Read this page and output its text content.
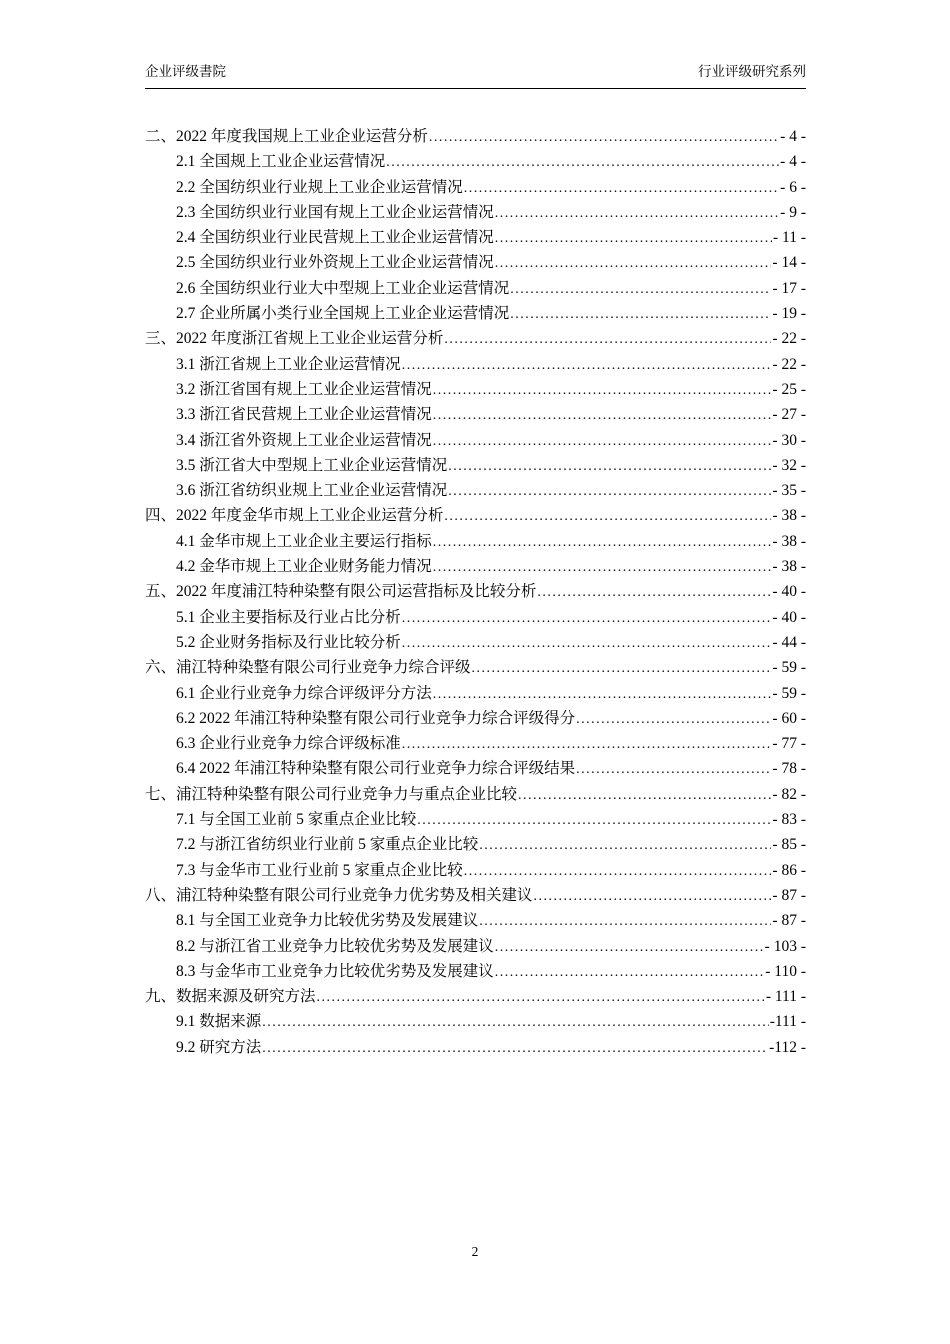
企业评级書院	行业评级研究系列
二、2022 年度我国规上工业企业运营分析 .....	- 4 -
2.1 全国规上工业企业运营情况 .....	- 4 -
2.2 全国纺织业行业规上工业企业运营情况 .....	- 6 -
2.3 全国纺织业行业国有规上工业企业运营情况 .....	- 9 -
2.4 全国纺织业行业民营规上工业企业运营情况 .....	- 11 -
2.5 全国纺织业行业外资规上工业企业运营情况 .....	- 14 -
2.6 全国纺织业行业大中型规上工业企业运营情况 .....	- 17 -
2.7 企业所属小类行业全国规上工业企业运营情况 .....	- 19 -
三、2022 年度浙江省规上工业企业运营分析 .....	- 22 -
3.1 浙江省规上工业企业运营情况 .....	- 22 -
3.2 浙江省国有规上工业企业运营情况 .....	- 25 -
3.3 浙江省民营规上工业企业运营情况 .....	- 27 -
3.4 浙江省外资规上工业企业运营情况 .....	- 30 -
3.5 浙江省大中型规上工业企业运营情况 .....	- 32 -
3.6 浙江省纺织业规上工业企业运营情况 .....	- 35 -
四、2022 年度金华市规上工业企业运营分析 .....	- 38 -
4.1 金华市规上工业企业主要运行指标 .....	- 38 -
4.2 金华市规上工业企业财务能力情况 .....	- 38 -
五、2022 年度浦江特种染整有限公司运营指标及比较分析 .....	- 40 -
5.1 企业主要指标及行业占比分析 .....	- 40 -
5.2 企业财务指标及行业比较分析 .....	- 44 -
六、浦江特种染整有限公司行业竞争力综合评级 .....	- 59 -
6.1 企业行业竞争力综合评级评分方法 .....	- 59 -
6.2 2022 年浦江特种染整有限公司行业竞争力综合评级得分 .....	- 60 -
6.3 企业行业竞争力综合评级标准 .....	- 77 -
6.4 2022 年浦江特种染整有限公司行业竞争力综合评级结果 .....	- 78 -
七、浦江特种染整有限公司行业竞争力与重点企业比较 .....	- 82 -
7.1 与全国工业前 5 家重点企业比较 .....	- 83 -
7.2 与浙江省纺织业行业前 5 家重点企业比较 .....	- 85 -
7.3 与金华市工业行业前 5 家重点企业比较 .....	- 86 -
八、浦江特种染整有限公司行业竞争力优劣势及相关建议 .....	- 87 -
8.1 与全国工业竞争力比较优劣势及发展建议 .....	- 87 -
8.2 与浙江省工业竞争力比较优劣势及发展建议 .....	- 103 -
8.3 与金华市工业竞争力比较优劣势及发展建议 .....	- 110 -
九、数据来源及研究方法 .....	- 111 -
9.1 数据来源 .....	-111 -
9.2 研究方法 .....	-112 -
2
